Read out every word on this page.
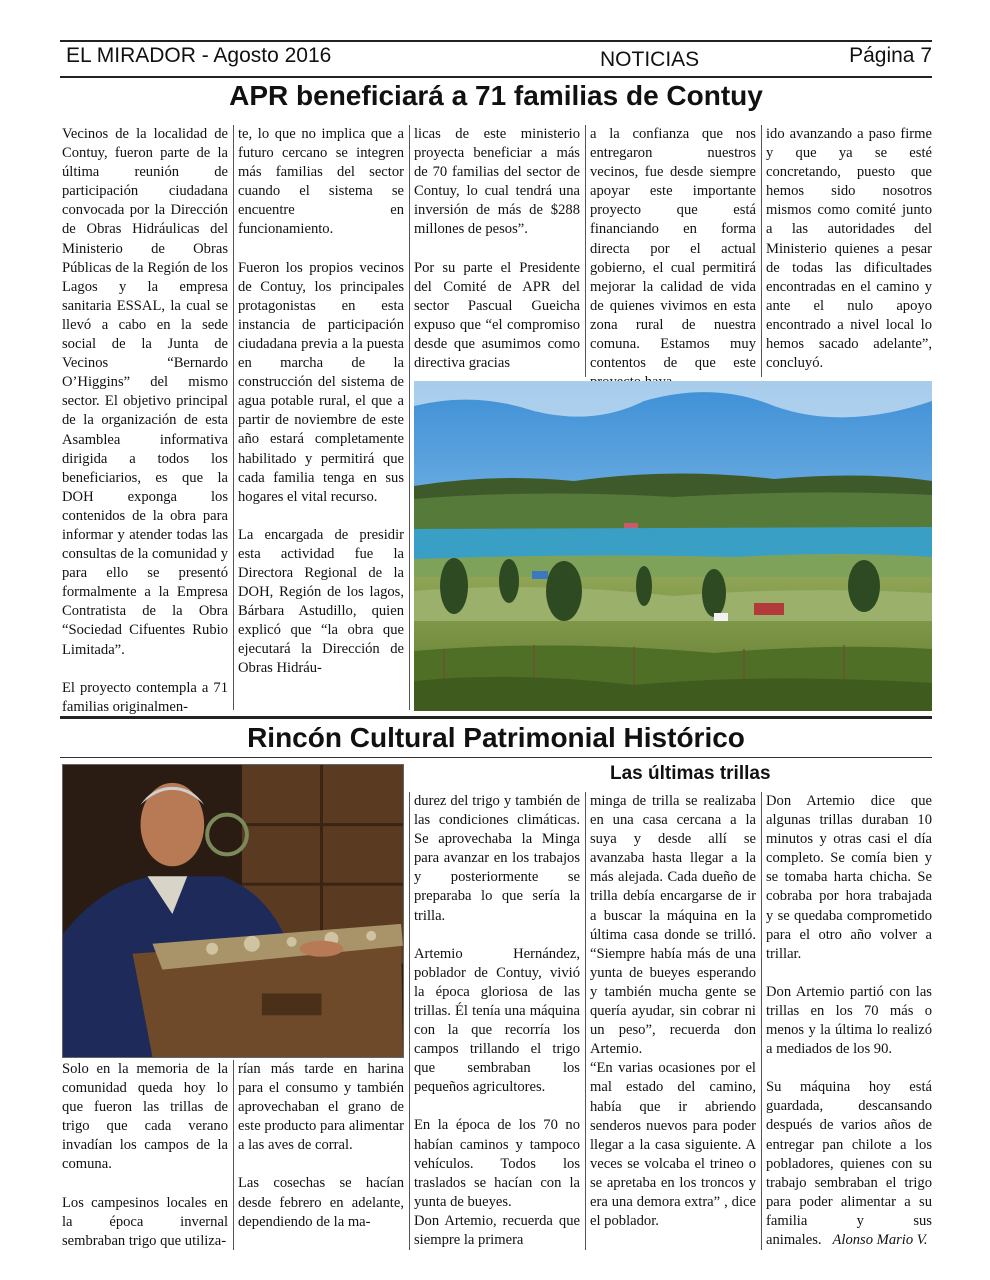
EL MIRADOR - Agosto 2016	NOTICIAS	Página 7
APR beneficiará a 71 familias de Contuy

Vecinos de la localidad de Contuy, fueron parte de la última reunión de participación ciudadana convocada por la Dirección de Obras Hidráulicas del Ministerio de Obras Públicas de la Región de los Lagos y la empresa sanitaria ESSAL, la cual se llevó a cabo en la sede social de la Junta de Vecinos “Bernardo O’Higgins” del mismo sector. El objetivo principal de la organización de esta Asamblea informativa dirigida a todos los beneficiarios, es que la DOH exponga los contenidos de la obra para informar y atender todas las consultas de la comunidad y para ello se presentó formalmente a la Empresa Contratista de la Obra “Sociedad Cifuentes Rubio Limitada”.

El proyecto contempla a 71 familias originalmen-

te, lo que no implica que a futuro cercano se integren más familias del sector cuando el sistema se encuentre en funcionamiento.

Fueron los propios vecinos de Contuy, los principales protagonistas en esta instancia de participación ciudadana previa a la puesta en marcha de la construcción del sistema de agua potable rural, el que a partir de noviembre de este año estará completamente habilitado y permitirá que cada familia tenga en sus hogares el vital recurso.

La encargada de presidir esta actividad fue la Directora Regional de la DOH, Región de los lagos, Bárbara Astudillo, quien explicó que “la obra que ejecutará la Dirección de Obras Hidráu-

licas de este ministerio proyecta beneficiar a más de 70 familias del sector de Contuy, lo cual tendrá una inversión de más de $288 millones de pesos”.

Por su parte el Presidente del Comité de APR del sector Pascual Gueicha expuso que “el compromiso desde que asumimos como directiva gracias

a la confianza que nos entregaron nuestros vecinos, fue desde siempre apoyar este importante proyecto que está financiando en forma directa por el actual gobierno, el cual permitirá mejorar la calidad de vida de quienes vivimos en esta zona rural de nuestra comuna. Estamos muy contentos de que este

ido avanzando a paso firme y que ya se esté concretando, puesto que hemos sido nosotros mismos como comité junto a las autoridades del Ministerio quienes a pesar de todas las dificultades encontradas en el camino y ante el nulo apoyo encontrado a nivel local lo hemos sacado adelante”, concluyó.

Rincón Cultural Patrimonial Histórico
Las últimas trillas

Solo en la memoria de la comunidad queda hoy lo que fueron las trillas de trigo que cada verano invadían los campos de la comuna.

Los campesinos locales en la época invernal sembraban trigo que utiliza-

rían más tarde en harina para el consumo y también aprovechaban el grano de este producto para alimentar a las aves de corral.

Las cosechas se hacían desde febrero en adelante, dependiendo de la ma-

durez del trigo y también de las condiciones climáticas. Se aprovechaba la Minga para avanzar en los trabajos y posteriormente se preparaba lo que sería la trilla.

Artemio Hernández, poblador de Contuy, vivió la época gloriosa de las trillas. Él tenía una máquina con la que recorría los campos trillando el trigo que sembraban los pequeños agricultores.

En la época de los 70 no habían caminos y tampoco vehículos. Todos los traslados se hacían con la yunta de bueyes.

Don Artemio, recuerda que siempre la primera

minga de trilla se realizaba en una casa cercana a la suya y desde allí se avanzaba hasta llegar a la más alejada. Cada dueño de trilla debía encargarse de ir a buscar la máquina en la última casa donde se trilló. “Siempre había más de una yunta de bueyes esperando y también mucha gente se quería ayudar, sin cobrar ni un peso”, recuerda don Artemio.

“En varias ocasiones por el mal estado del camino, había que ir abriendo senderos nuevos para poder llegar a la casa siguiente. A veces se volcaba el trineo o se apretaba en los troncos y era una demora extra” , dice el poblador.

Don Artemio dice que algunas trillas duraban 10 minutos y otras casi el día completo. Se comía bien y se tomaba harta chicha. Se cobraba por hora trabajada y se quedaba comprometido para el otro año volver a trillar.

Don Artemio partió con las trillas en los 70 más o menos y la última lo realizó a mediados de los 90.

Su máquina hoy está guardada, descansando después de varios años de entregar pan chilote a los pobladores, quienes con su trabajo sembraban el trigo para poder alimentar a su familia y sus animales. Alonso Mario V.
